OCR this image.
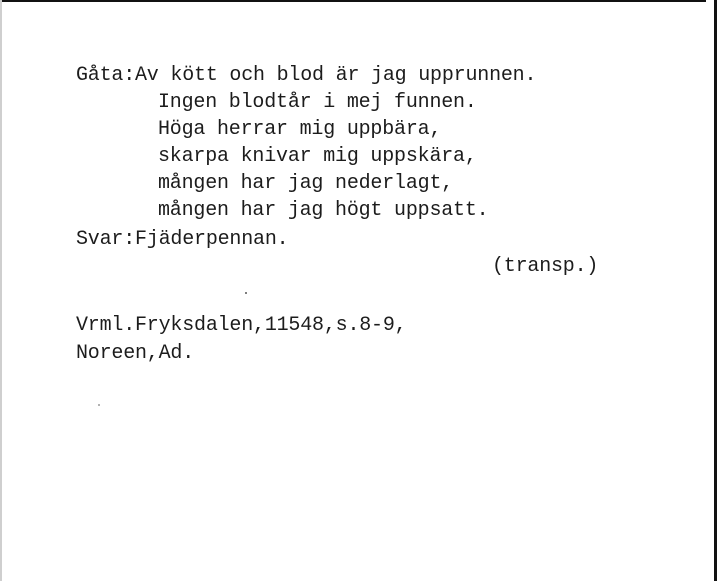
Gåta:Av kött och blod är jag upprunnen.
Ingen blodtår i mej funnen.
Höga herrar mig uppbära,
skarpa knivar mig uppskära,
mången har jag nederlagt,
mången har jag högt uppsatt.
Svar:Fjäderpennan.
(transp.)
Vrml.Fryksdalen,11548,s.8-9,
Noreen,Ad.
